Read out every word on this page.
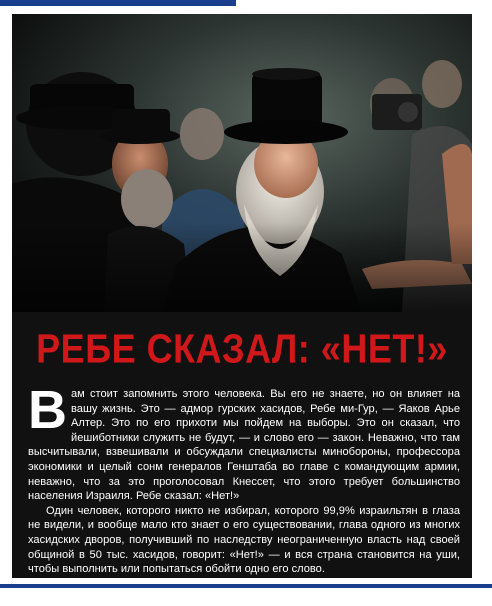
РЕБЕ СКАЗАЛ: «НЕТ!»

Вам стоит запомнить этого человека. Вы его не знаете, но он влияет на вашу жизнь. Это — адмор гурских хасидов, Ребе ми-Гур, — Яаков Арье Алтер. Это по его прихоти мы пойдем на выборы. Это он сказал, что йешиботники служить не будут, — и слово его — закон. Неважно, что там высчитывали, взвешивали и обсуждали специалисты минобороны, профессора экономики и целый сонм генералов Генштаба во главе с командующим армии, неважно, что за это проголосовал Кнессет, что этого требует большинство населения Израиля. Ребе сказал: «Нет!»

Один человек, которого никто не избирал, которого 99,9% израильтян в глаза не видели, и вообще мало кто знает о его существовании, глава одного из многих хасидских дворов, получивший по наследству неограниченную власть над своей общиной в 50 тыс. хасидов, говорит: «Нет!» — и вся страна становится на уши, чтобы выполнить или попытаться обойти одно его слово.
